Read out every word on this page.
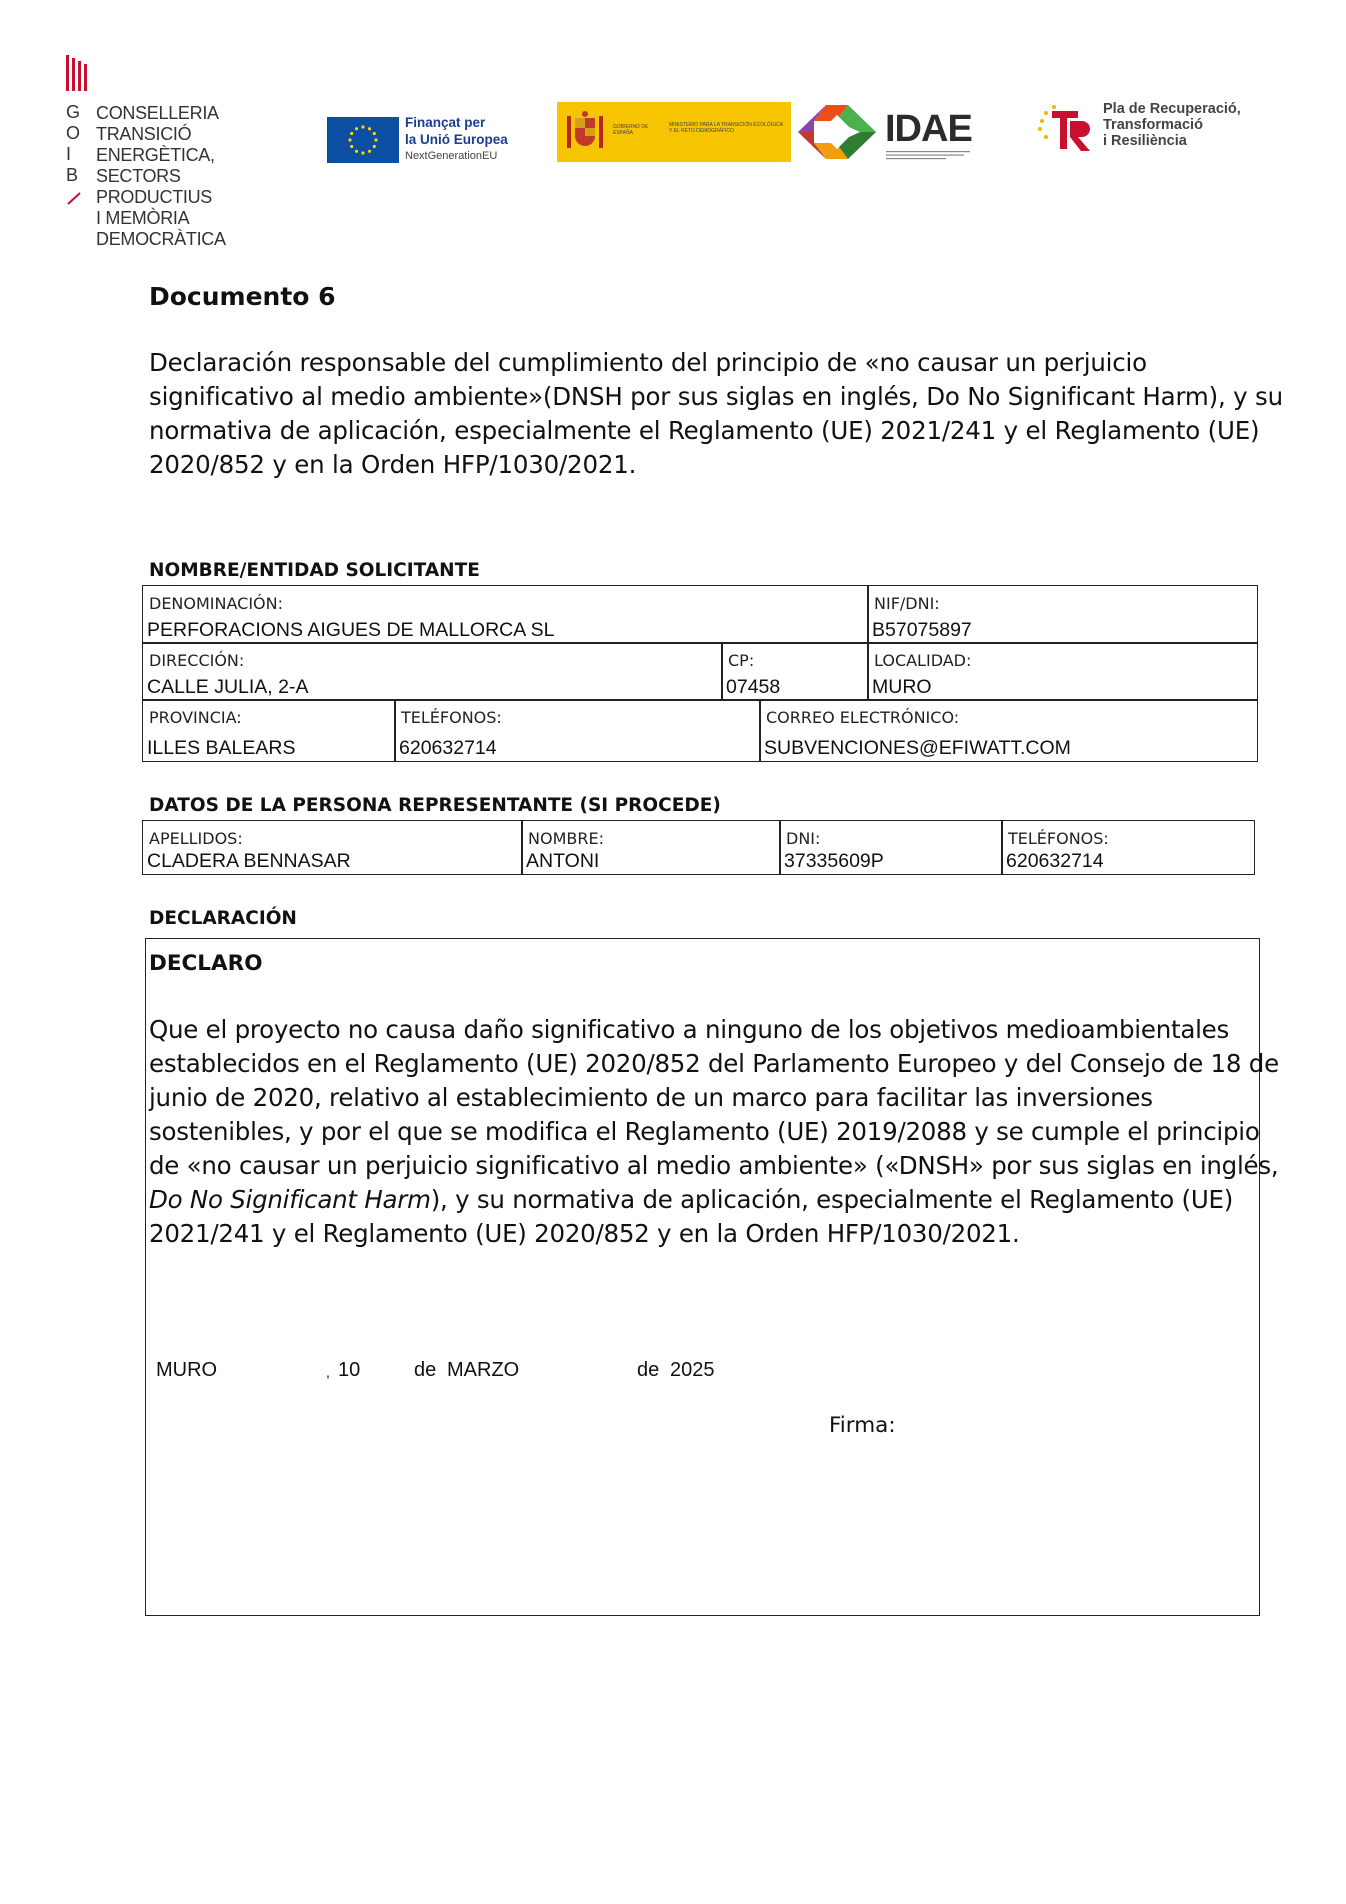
G
O
I
B
CONSELLERIA
TRANSICIÓ ENERGÈTICA,
SECTORS PRODUCTIUS
I MEMÒRIA DEMOCRÀTICA
Finançat per
la Unió Europea
NextGenerationEU
GOBIERNO DE ESPAÑA
MINISTERIO PARA LA TRANSICIÓN ECOLÓGICA Y EL RETO DEMOGRÁFICO	IDAE	Pla de Recuperació,
Transformació
i Resiliència
Documento 6
Declaración responsable del cumplimiento del principio de «no causar un perjuicio
significativo al medio ambiente»(DNSH por sus siglas en inglés, Do No Significant Harm), y su
normativa de aplicación, especialmente el Reglamento (UE) 2021/241 y el Reglamento (UE)
2020/852 y en la Orden HFP/1030/2021.
NOMBRE/ENTIDAD SOLICITANTE
DENOMINACIÓN:
PERFORACIONS AIGUES DE MALLORCA SL
NIF/DNI:
B57075897
DIRECCIÓN:
CALLE JULIA, 2-A
CP:
07458
LOCALIDAD:
MURO
PROVINCIA:
ILLES BALEARS
TELÉFONOS:
620632714
CORREO ELECTRÓNICO:
SUBVENCIONES@EFIWATT.COM
DATOS DE LA PERSONA REPRESENTANTE (SI PROCEDE)
APELLIDOS:
CLADERA BENNASAR
NOMBRE:
ANTONI
DNI:
37335609P
TELÉFONOS:
620632714
DECLARACIÓN
DECLARO
Que el proyecto no causa daño significativo a ninguno de los objetivos medioambientales
establecidos en el Reglamento (UE) 2020/852 del Parlamento Europeo y del Consejo de 18 de
junio de 2020, relativo al establecimiento de un marco para facilitar las inversiones
sostenibles, y por el que se modifica el Reglamento (UE) 2019/2088 y se cumple el principio
de «no causar un perjuicio significativo al medio ambiente» («DNSH» por sus siglas en inglés,
Do No Significant Harm), y su normativa de aplicación, especialmente el Reglamento (UE)
2021/241 y el Reglamento (UE) 2020/852 y en la Orden HFP/1030/2021.
MURO	, 10	de MARZO	de 2025
Firma:
